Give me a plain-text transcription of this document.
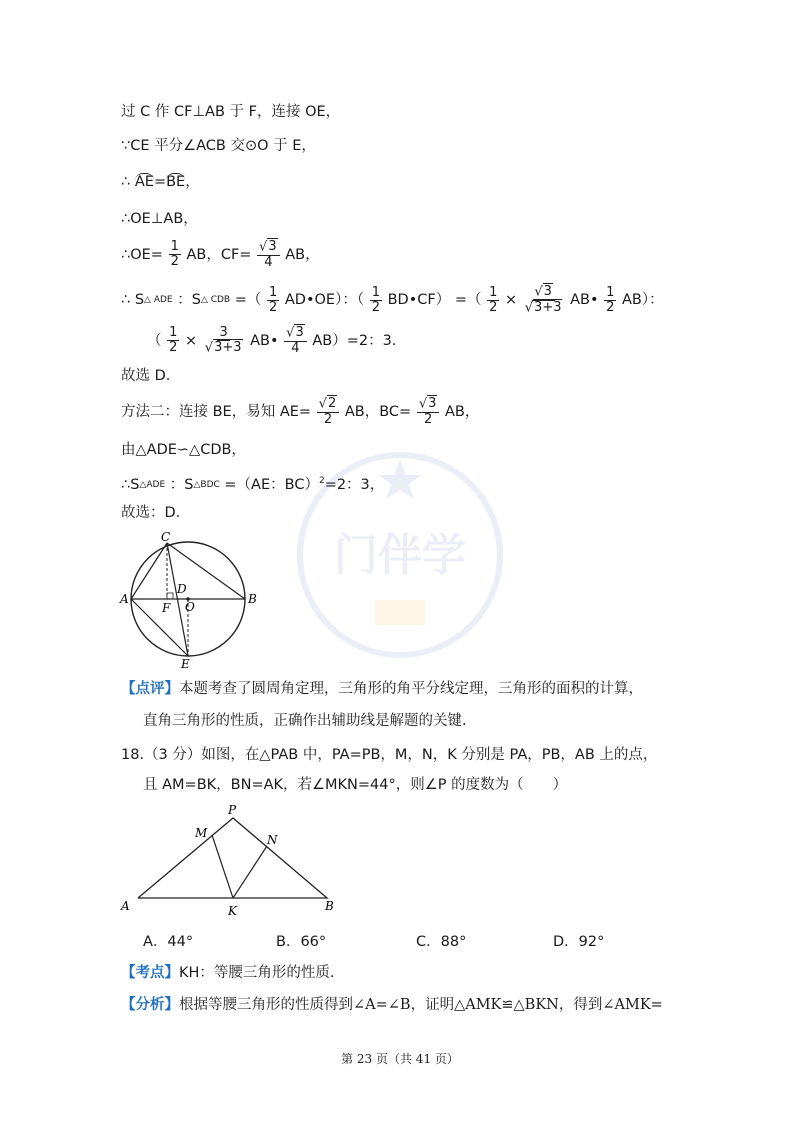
门伴学
过 C 作 CF⊥AB 于 F，连接 OE，
∵CE 平分∠ACB 交⊙O 于 E，
∴ AE=BE，
∴OE⊥AB，
∴OE= $\frac{1}{2}$ AB，$CF= \frac{√3}{4}$ AB，
∴ S△ ADE ：S△ CDB =（ $\frac{1}{2}$ AD•OE）：（ $\frac{1}{2}$ BD•CF） =（ $\frac{1}{2} \times \frac{√3}{√3+3}$ AB• $\frac{1}{2} AB$）：
（ $\frac{1}{2} \times \frac{3}{√3+3}$ AB• $\frac{√3}{4} AB)=2$：3.
故选 D.
方法二：连接 BE，易知 $AE= \frac{√2}{2}$ AB，$BC= \frac{√3}{2}$ AB，
由△ADE∽△CDB，
∴S△ADE ：S△BDC =（AE：BC）$^2$=2：3，
故选：D.
C
A	B
D
F O
E
【点评】本题考查了圆周角定理，三角形的角平分线定理，三角形的面积的计算，
直角三角形的性质，正确作出辅助线是解题的关键.
18.（3 分）如图，在△PAB 中，PA=PB，M，N，K 分别是 PA，PB，AB 上的点，
且 AM=BK，BN=AK，若∠MKN=44°，则∠P 的度数为（　　）
P
M	N
A	K	B
A．44°	B．66°	C．88°	D．92°
【考点】KH：等腰三角形的性质.
【分析】根据等腰三角形的性质得到∠A=∠B，证明△AMK≌△BKN，得到∠AMK=
第 23 页（共 41 页）
